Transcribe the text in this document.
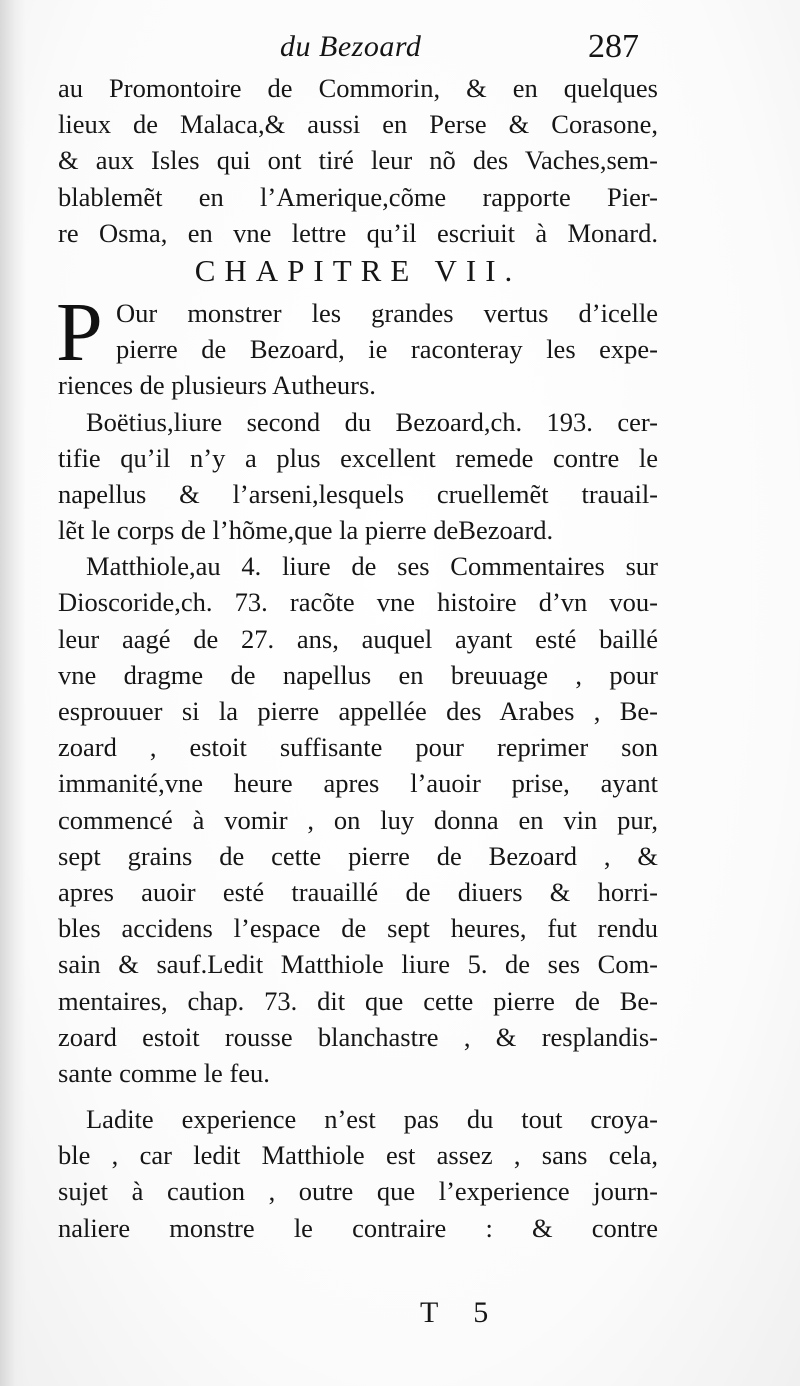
du Bezoard	287
au Promontoire de Commorin, & en quelques
lieux de Malaca,& aussi en Perse & Corasone,
& aux Isles qui ont tiré leur nõ des Vaches,sem-
blablemẽt en l’Amerique,cõme rapporte Pier-
re Osma, en vne lettre qu’il escriuit à Monard.
CHAPITRE VII.
P Our monstrer les grandes vertus d’icelle
pierre de Bezoard, ie raconteray les expe-
riences de plusieurs Autheurs.
Boëtius,liure second du Bezoard,ch. 193. cer-
tifie qu’il n’y a plus excellent remede contre le
napellus & l’arseni,lesquels cruellemẽt trauail-
lẽt le corps de l’hõme,que la pierre deBezoard.
Matthiole,au 4. liure de ses Commentaires sur
Dioscoride,ch. 73. racõte vne histoire d’vn vou-
leur aagé de 27. ans, auquel ayant esté baillé
vne dragme de napellus en breuuage , pour
esprouuer si la pierre appellée des Arabes , Be-
zoard , estoit suffisante pour reprimer son
immanité,vne heure apres l’auoir prise, ayant
commencé à vomir , on luy donna en vin pur,
sept grains de cette pierre de Bezoard , &
apres auoir esté trauaillé de diuers & horri-
bles accidens l’espace de sept heures, fut rendu
sain & sauf.Ledit Matthiole liure 5. de ses Com-
mentaires, chap. 73. dit que cette pierre de Be-
zoard estoit rousse blanchastre , & resplandis-
sante comme le feu.
Ladite experience n’est pas du tout croya-
ble , car ledit Matthiole est assez , sans cela,
sujet à caution , outre que l’experience journ-
naliere monstre le contraire : & contre
T 5
